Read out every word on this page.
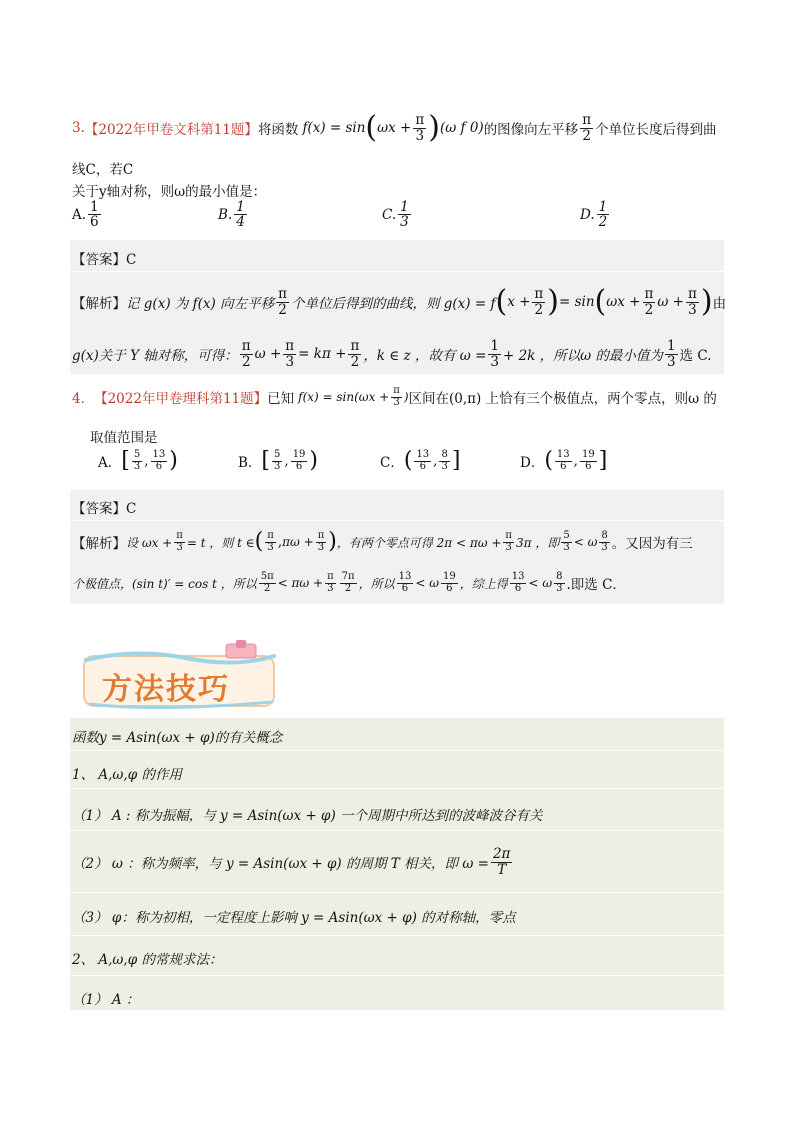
3. 【2022年甲卷文科第11题】 将函数 f(x) = sin ( $\omega x + \frac{\pi}{3}$ ) (ω f 0) 的图像向左平移 $\frac{\pi}{2}$ 个单位长度后得到曲
线C，若C
关于y轴对称，则ω的最小值是：
A. $\frac{1}{6}$	B. $\frac{1}{4}$	C. $\frac{1}{3}$	D. $\frac{1}{2}$
【答案】C
【解析】 记 g(x) 为 f(x) 向左平移 $\frac{\pi}{2}$ 个单位后得到的曲线，则 g(x) = f ( $x + \frac{\pi}{2}$ ) = sin ( $\omega x + \frac{\pi}{2}$ $\omega + \frac{\pi}{3}$ ) 由
g(x)关于 Y 轴对称，可得： $\frac{\pi}{2}$ $\omega + \frac{\pi}{3} = k\pi + \frac{\pi}{2}$ ，k ∈ z ，故有 $\omega = \frac{1}{3} + 2k$ ，所以ω 的最小值为 $\frac{1}{3}$ 选 C.
4． 【2022年甲卷理科第11题】 已知 $f(x) = \sin(\omega x + \frac{\pi}{3}$ ) 区间在(0,π) 上恰有三个极值点，两个零点，则ω 的
取值范围是
A． [ $\frac{5}{3}$ , $\frac{13}{6}$ )	B． [ $\frac{5}{3}$ , $\frac{19}{6}$ )	C． ( $\frac{13}{6}$ , $\frac{8}{3}$ ]	D． ( $\frac{13}{6}$ , $\frac{19}{6}$ ]
【答案】C
【解析】 设 $\omega x + \frac{\pi}{3} = t$ ，则 t ∈ ( $\frac{\pi}{3}$ , $\pi\omega + \frac{\pi}{3}$ ) ，有两个零点可得 $2\pi < \pi\omega + \frac{\pi}{3} 3\pi$ ，即 $\frac{5}{3} < \omega \frac{8}{3}$ 。又因为有三
个极值点，(sin t)′ = cos t ，所以 $\frac{5\pi}{2} < \pi\omega + \frac{\pi}{3} \frac{7\pi}{2}$ ，所以 $\frac{13}{6} < \omega \frac{19}{6}$ ，综上得 $\frac{13}{6} < \omega \frac{8}{3}$ .即选 C．
方法技巧
函数y = Asin(ωx + φ)的有关概念
1、 A,ω,φ 的作用
（1） A : 称为振幅，与 y = Asin(ωx + φ) 一个周期中所达到的波峰波谷有关
（2） ω ：称为频率，与 y = Asin(ωx + φ) 的周期 T 相关，即 $\omega = \frac{2\pi}{T}$
（3） φ：称为初相，一定程度上影响 y = Asin(ωx + φ) 的对称轴，零点
2、 A,ω,φ 的常规求法：
（1） A ：
